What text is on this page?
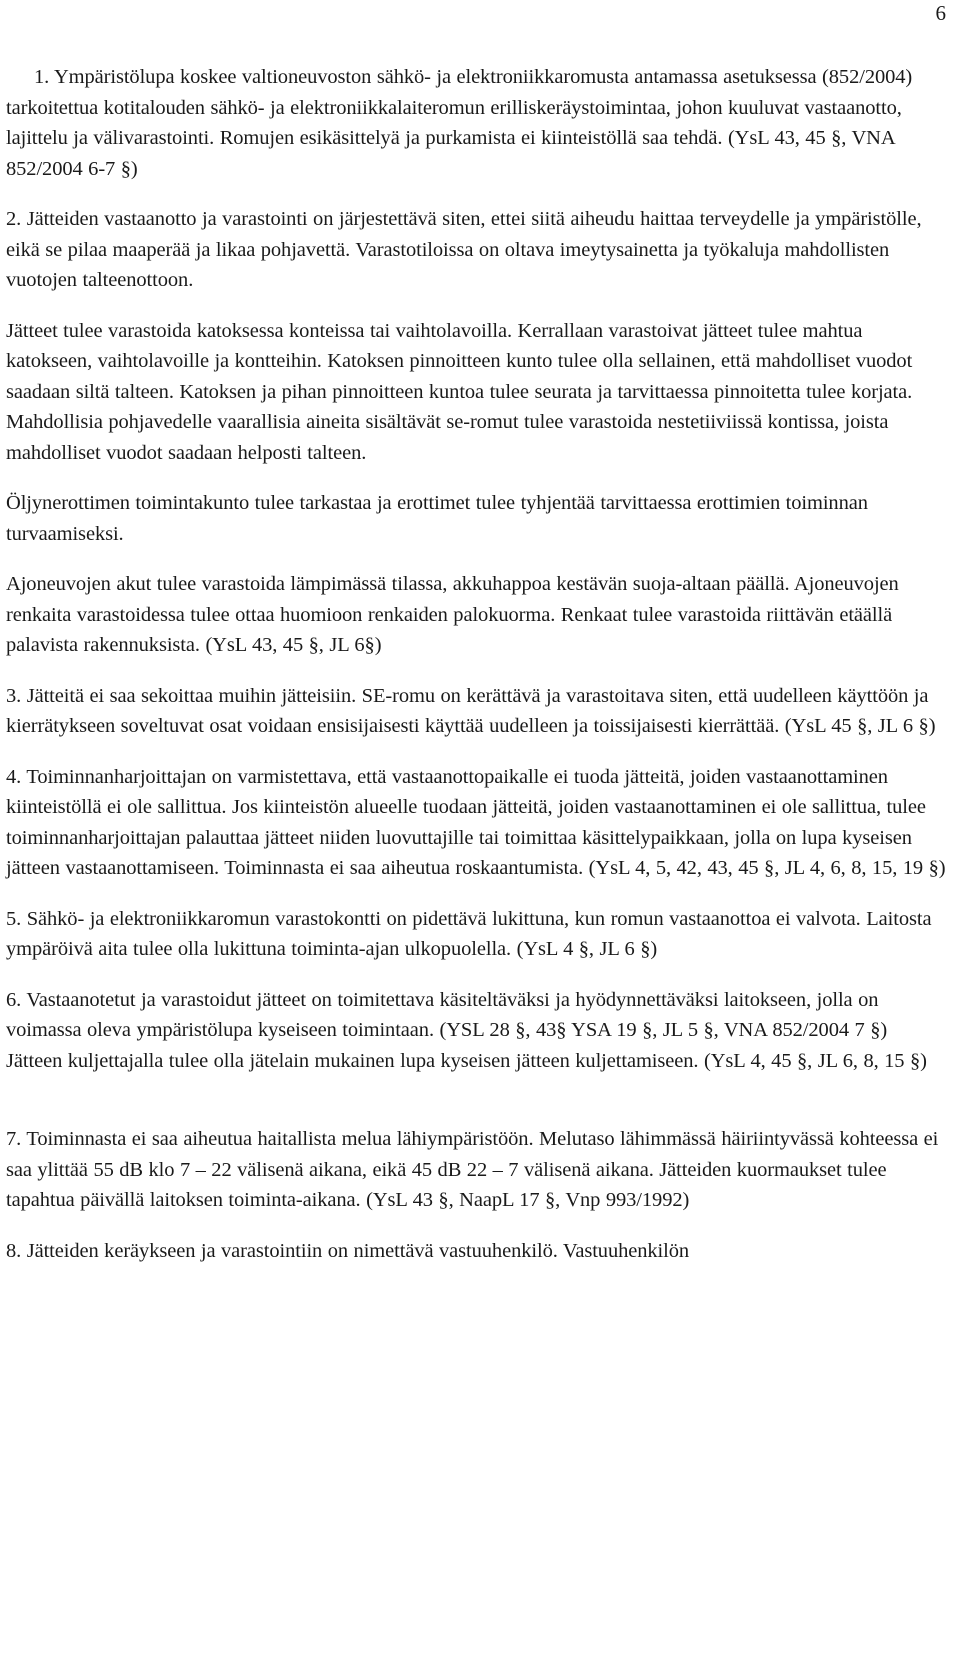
6

1. Ympäristölupa koskee valtioneuvoston sähkö- ja elektroniikkaromusta antamassa asetuksessa (852/2004) tarkoitettua kotitalouden sähkö- ja elektroniikkalaiteromun erilliskeräystoimintaa, johon kuuluvat vastaanotto, lajittelu ja välivarastointi. Romujen esikäsittelyä ja purkamista ei kiinteistöllä saa tehdä. (YsL 43, 45 §, VNA 852/2004 6-7 §)

2. Jätteiden vastaanotto ja varastointi on järjestettävä siten, ettei siitä aiheudu haittaa terveydelle ja ympäristölle, eikä se pilaa maaperää ja likaa pohjavettä. Varastotiloissa on oltava imeytysainetta ja työkaluja mahdollisten vuotojen talteenottoon.

Jätteet tulee varastoida katoksessa konteissa tai vaihtolavoilla. Kerrallaan varastoivat jätteet tulee mahtua katokseen, vaihtolavoille ja kontteihin. Katoksen pinnoitteen kunto tulee olla sellainen, että mahdolliset vuodot saadaan siltä talteen. Katoksen ja pihan pinnoitteen kuntoa tulee seurata ja tarvittaessa pinnoitetta tulee korjata. Mahdollisia pohjavedelle vaarallisia aineita sisältävät se-romut tulee varastoida nestetiiviissä kontissa, joista mahdolliset vuodot saadaan helposti talteen.

Öljynerottimen toimintakunto tulee tarkastaa ja erottimet tulee tyhjentää tarvittaessa erottimien toiminnan turvaamiseksi.

Ajoneuvojen akut tulee varastoida lämpimässä tilassa, akkuhappoa kestävän suoja-altaan päällä. Ajoneuvojen renkaita varastoidessa tulee ottaa huomioon renkaiden palokuorma. Renkaat tulee varastoida riittävän etäällä palavista rakennuksista. (YsL 43, 45 §, JL 6§)

3. Jätteitä ei saa sekoittaa muihin jätteisiin. SE-romu on kerättävä ja varastoitava siten, että uudelleen käyttöön ja kierrätykseen soveltuvat osat voidaan ensisijaisesti käyttää uudelleen ja toissijaisesti kierrättää. (YsL 45 §, JL 6 §)

4. Toiminnanharjoittajan on varmistettava, että vastaanottopaikalle ei tuoda jätteitä, joiden vastaanottaminen kiinteistöllä ei ole sallittua. Jos kiinteistön alueelle tuodaan jätteitä, joiden vastaanottaminen ei ole sallittua, tulee toiminnanharjoittajan palauttaa jätteet niiden luovuttajille tai toimittaa käsittelypaikkaan, jolla on lupa kyseisen jätteen vastaanottamiseen. Toiminnasta ei saa aiheutua roskaantumista. (YsL 4, 5, 42, 43, 45 §, JL 4, 6, 8, 15, 19 §)

5. Sähkö- ja elektroniikkaromun varastokontti on pidettävä lukittuna, kun romun vastaanottoa ei valvota. Laitosta ympäröivä aita tulee olla lukittuna toiminta-ajan ulkopuolella. (YsL 4 §, JL 6 §)

6. Vastaanotetut ja varastoidut jätteet on toimitettava käsiteltäväksi ja hyödynnettäväksi laitokseen, jolla on voimassa oleva ympäristölupa kyseiseen toimintaan. (YSL 28 §, 43§ YSA 19 §, JL 5 §, VNA 852/2004 7 §) Jätteen kuljettajalla tulee olla jätelain mukainen lupa kyseisen jätteen kuljettamiseen. (YsL 4, 45 §, JL 6, 8, 15 §)

7. Toiminnasta ei saa aiheutua haitallista melua lähiympäristöön. Melutaso lähimmässä häiriintyvässä kohteessa ei saa ylittää 55 dB klo 7 – 22 välisenä aikana, eikä 45 dB 22 – 7 välisenä aikana. Jätteiden kuormaukset tulee tapahtua päivällä laitoksen toiminta-aikana. (YsL 43 §, NaapL 17 §, Vnp 993/1992)

8. Jätteiden keräykseen ja varastointiin on nimettävä vastuuhenkilö. Vastuuhenkilön
